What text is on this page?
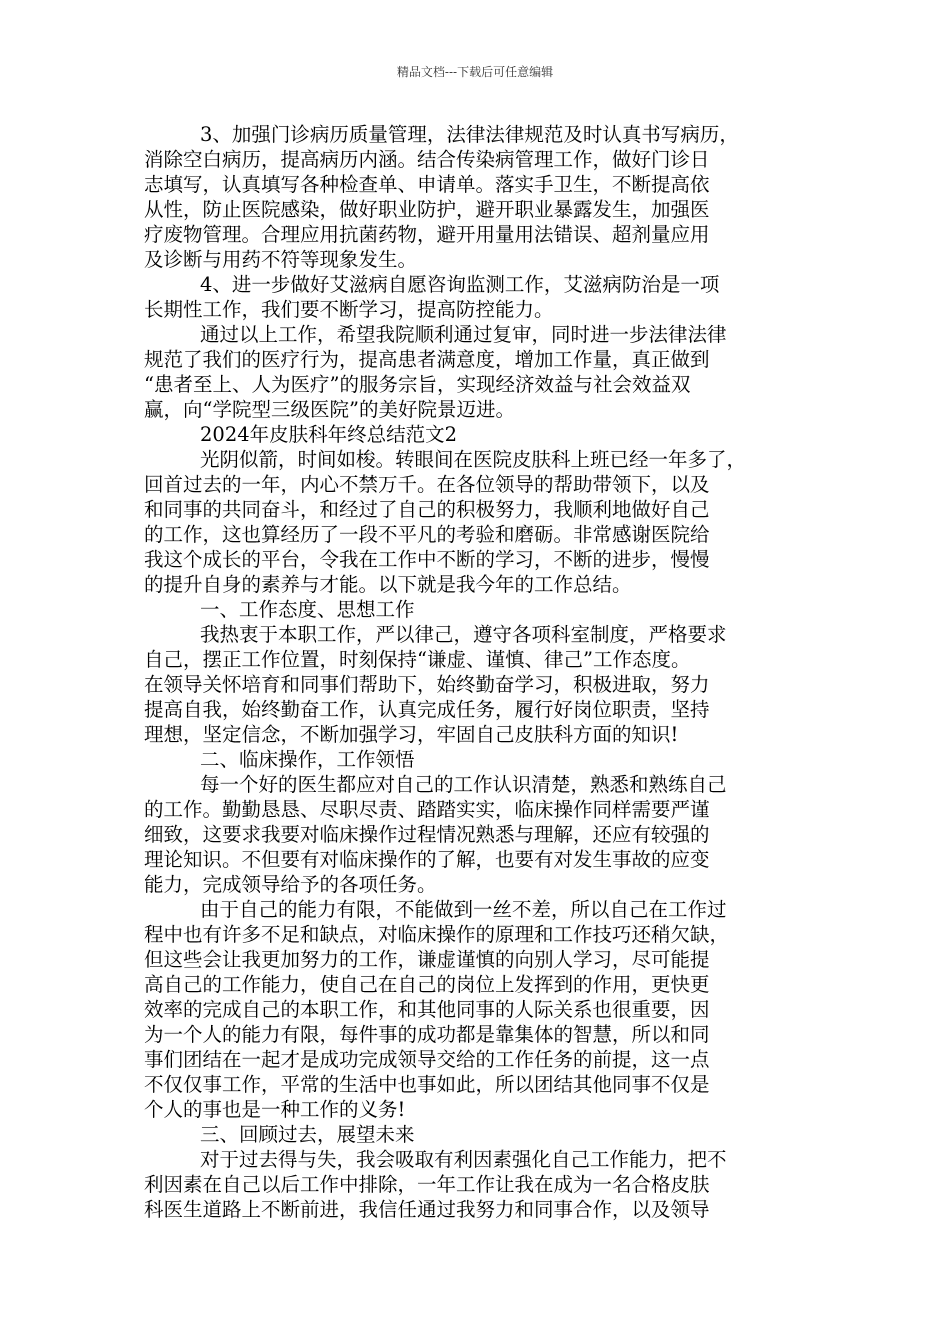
精品文档---下载后可任意编辑
3、加强门诊病历质量管理，法律法律规范及时认真书写病历，
消除空白病历，提高病历内涵。结合传染病管理工作，做好门诊日
志填写，认真填写各种检查单、申请单。落实手卫生，不断提高依
从性，防止医院感染，做好职业防护，避开职业暴露发生，加强医
疗废物管理。合理应用抗菌药物，避开用量用法错误、超剂量应用
及诊断与用药不符等现象发生。
4、进一步做好艾滋病自愿咨询监测工作，艾滋病防治是一项
长期性工作，我们要不断学习，提高防控能力。
通过以上工作，希望我院顺利通过复审，同时进一步法律法律
规范了我们的医疗行为，提高患者满意度，增加工作量，真正做到
“患者至上、人为医疗”的服务宗旨，实现经济效益与社会效益双
赢，向“学院型三级医院”的美好院景迈进。
2024年皮肤科年终总结范文2
光阴似箭，时间如梭。转眼间在医院皮肤科上班已经一年多了，
回首过去的一年，内心不禁万千。在各位领导的帮助带领下，以及
和同事的共同奋斗，和经过了自己的积极努力，我顺利地做好自己
的工作，这也算经历了一段不平凡的考验和磨砺。非常感谢医院给
我这个成长的平台，令我在工作中不断的学习，不断的进步，慢慢
的提升自身的素养与才能。以下就是我今年的工作总结。
一、工作态度、思想工作
我热衷于本职工作，严以律己，遵守各项科室制度，严格要求
自己，摆正工作位置，时刻保持“谦虚、谨慎、律己”工作态度。
在领导关怀培育和同事们帮助下，始终勤奋学习，积极进取，努力
提高自我，始终勤奋工作，认真完成任务，履行好岗位职责，坚持
理想，坚定信念，不断加强学习，牢固自己皮肤科方面的知识!
二、临床操作，工作领悟
每一个好的医生都应对自己的工作认识清楚，熟悉和熟练自己
的工作。勤勤恳恳、尽职尽责、踏踏实实，临床操作同样需要严谨
细致，这要求我要对临床操作过程情况熟悉与理解，还应有较强的
理论知识。不但要有对临床操作的了解，也要有对发生事故的应变
能力，完成领导给予的各项任务。
由于自己的能力有限，不能做到一丝不差，所以自己在工作过
程中也有许多不足和缺点，对临床操作的原理和工作技巧还稍欠缺，
但这些会让我更加努力的工作，谦虚谨慎的向别人学习，尽可能提
高自己的工作能力，使自己在自己的岗位上发挥到的作用，更快更
效率的完成自己的本职工作，和其他同事的人际关系也很重要，因
为一个人的能力有限，每件事的成功都是靠集体的智慧，所以和同
事们团结在一起才是成功完成领导交给的工作任务的前提，这一点
不仅仅事工作，平常的生活中也事如此，所以团结其他同事不仅是
个人的事也是一种工作的义务!
三、回顾过去，展望未来
对于过去得与失，我会吸取有利因素强化自己工作能力，把不
利因素在自己以后工作中排除，一年工作让我在成为一名合格皮肤
科医生道路上不断前进，我信任通过我努力和同事合作，以及领导
